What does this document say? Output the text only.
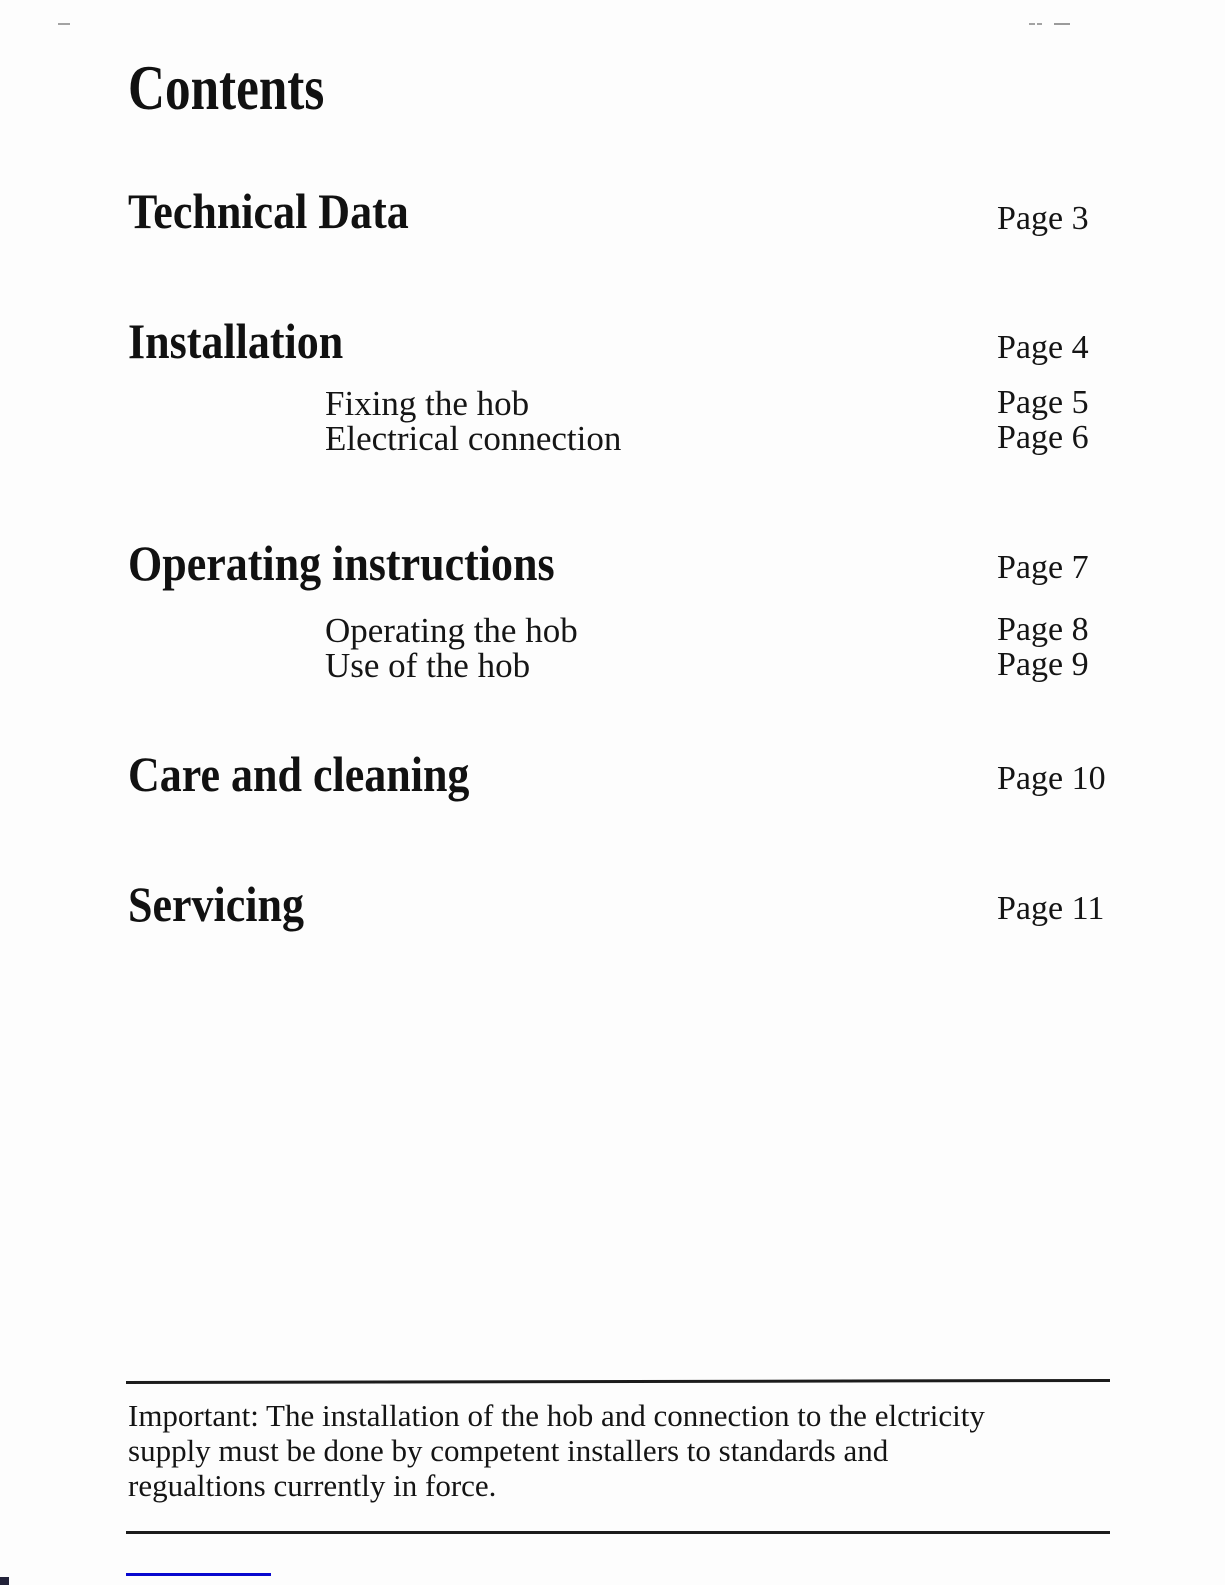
Contents
Technical Data	Page 3
Installation	Page 4
Fixing the hob	Page 5
Electrical connection	Page 6
Operating instructions	Page 7
Operating the hob	Page 8
Use of the hob	Page 9
Care and cleaning	Page 10
Servicing	Page 11
Important: The installation of the hob and connection to the elctricity
supply must be done by competent installers to standards and
regualtions currently in force.
